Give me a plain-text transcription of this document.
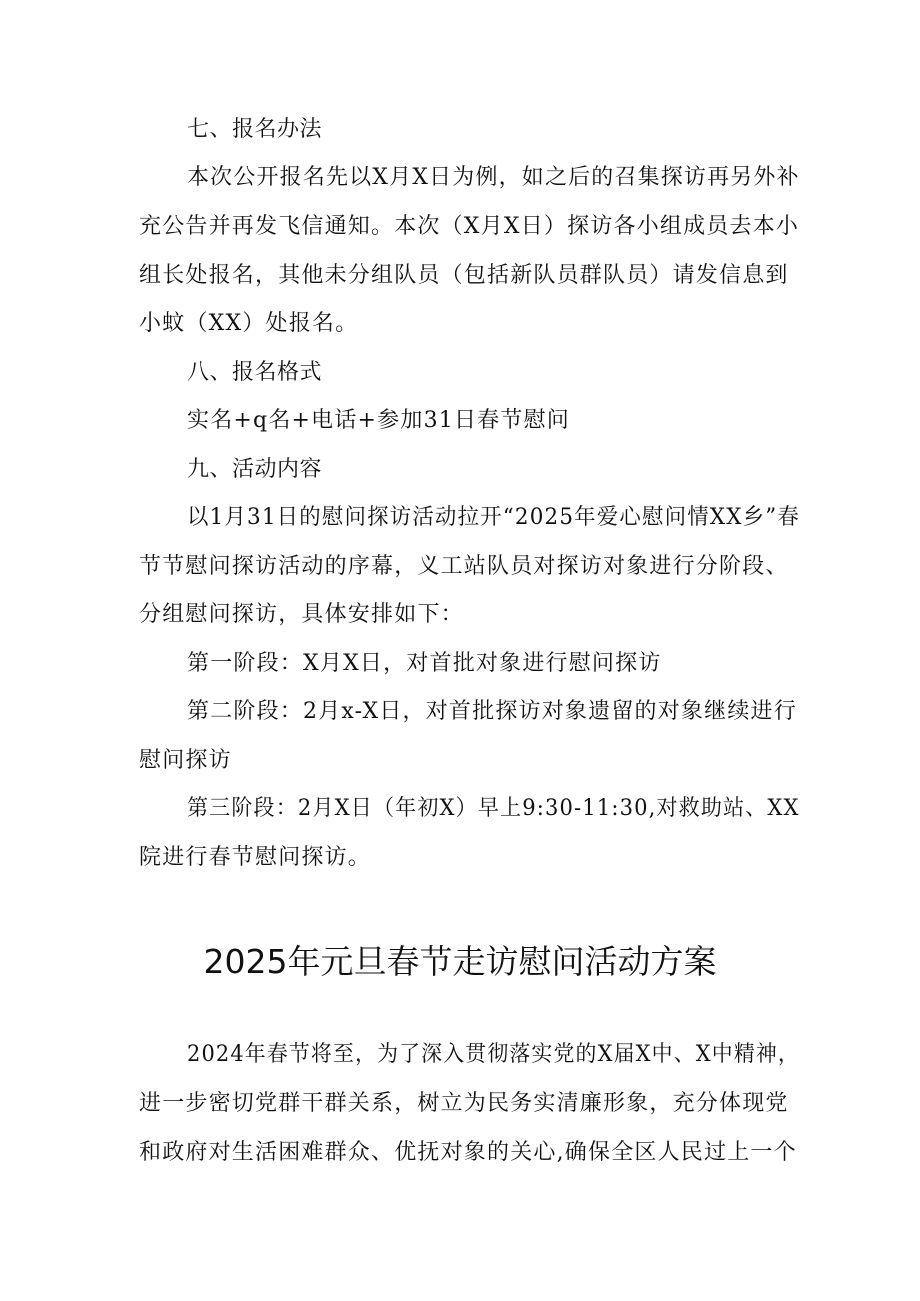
七、报名办法
本次公开报名先以X月X日为例，如之后的召集探访再另外补
充公告并再发飞信通知。本次（X月X日）探访各小组成员去本小
组长处报名，其他未分组队员（包括新队员群队员）请发信息到
小蚊（XX）处报名。
八、报名格式
实名+q名+电话+参加31日春节慰问
九、活动内容
以1月31日的慰问探访活动拉开“2025年爱心慰问情XX乡”春
节节慰问探访活动的序幕，义工站队员对探访对象进行分阶段、
分组慰问探访，具体安排如下：
第一阶段：X月X日，对首批对象进行慰问探访
第二阶段：2月x-X日，对首批探访对象遗留的对象继续进行
慰问探访
第三阶段：2月X日（年初X）早上9:30-11:30,对救助站、XX
院进行春节慰问探访。
2025年元旦春节走访慰问活动方案
2024年春节将至，为了深入贯彻落实党的X届X中、X中精神，
进一步密切党群干群关系，树立为民务实清廉形象，充分体现党
和政府对生活困难群众、优抚对象的关心,确保全区人民过上一个
